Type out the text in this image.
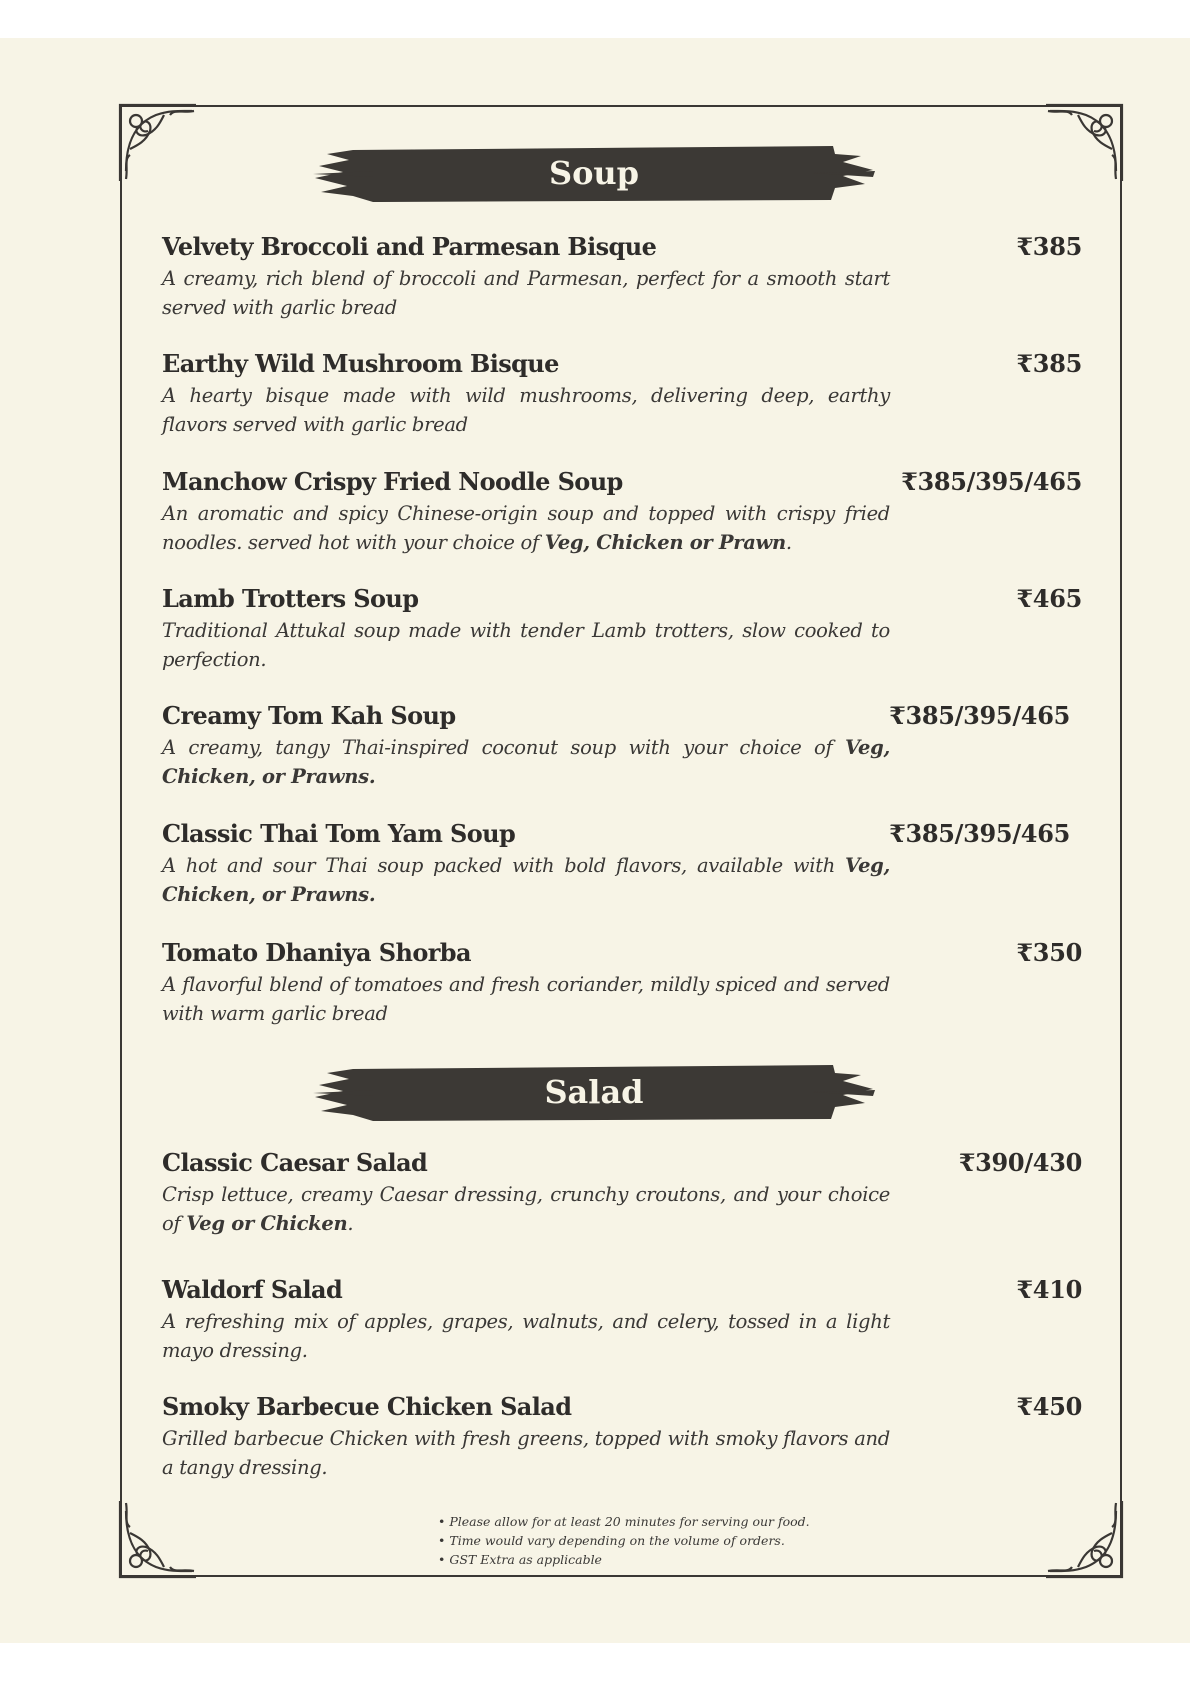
Soup
Velvety Broccoli and Parmesan Bisque	₹385
A creamy, rich blend of broccoli and Parmesan, perfect for a smooth start served with garlic bread
Earthy Wild Mushroom Bisque	₹385
A hearty bisque made with wild mushrooms, delivering deep, earthy flavors served with garlic bread
Manchow Crispy Fried Noodle Soup	₹385/395/465
An aromatic and spicy Chinese-origin soup and topped with crispy fried noodles. served hot with your choice of Veg, Chicken or Prawn.
Lamb Trotters Soup	₹465
Traditional Attukal soup made with tender Lamb trotters, slow cooked to perfection.
Creamy Tom Kah Soup	₹385/395/465
A creamy, tangy Thai-inspired coconut soup with your choice of Veg, Chicken, or Prawns.
Classic Thai Tom Yam Soup	₹385/395/465
A hot and sour Thai soup packed with bold flavors, available with Veg, Chicken, or Prawns.
Tomato Dhaniya Shorba	₹350
A flavorful blend of tomatoes and fresh coriander, mildly spiced and served with warm garlic bread
Salad
Classic Caesar Salad	₹390/430
Crisp lettuce, creamy Caesar dressing, crunchy croutons, and your choice of Veg or Chicken.
Waldorf Salad	₹410
A refreshing mix of apples, grapes, walnuts, and celery, tossed in a light mayo dressing.
Smoky Barbecue Chicken Salad	₹450
Grilled barbecue Chicken with fresh greens, topped with smoky flavors and a tangy dressing.
• Please allow for at least 20 minutes for serving our food.
• Time would vary depending on the volume of orders.
• GST Extra as applicable
